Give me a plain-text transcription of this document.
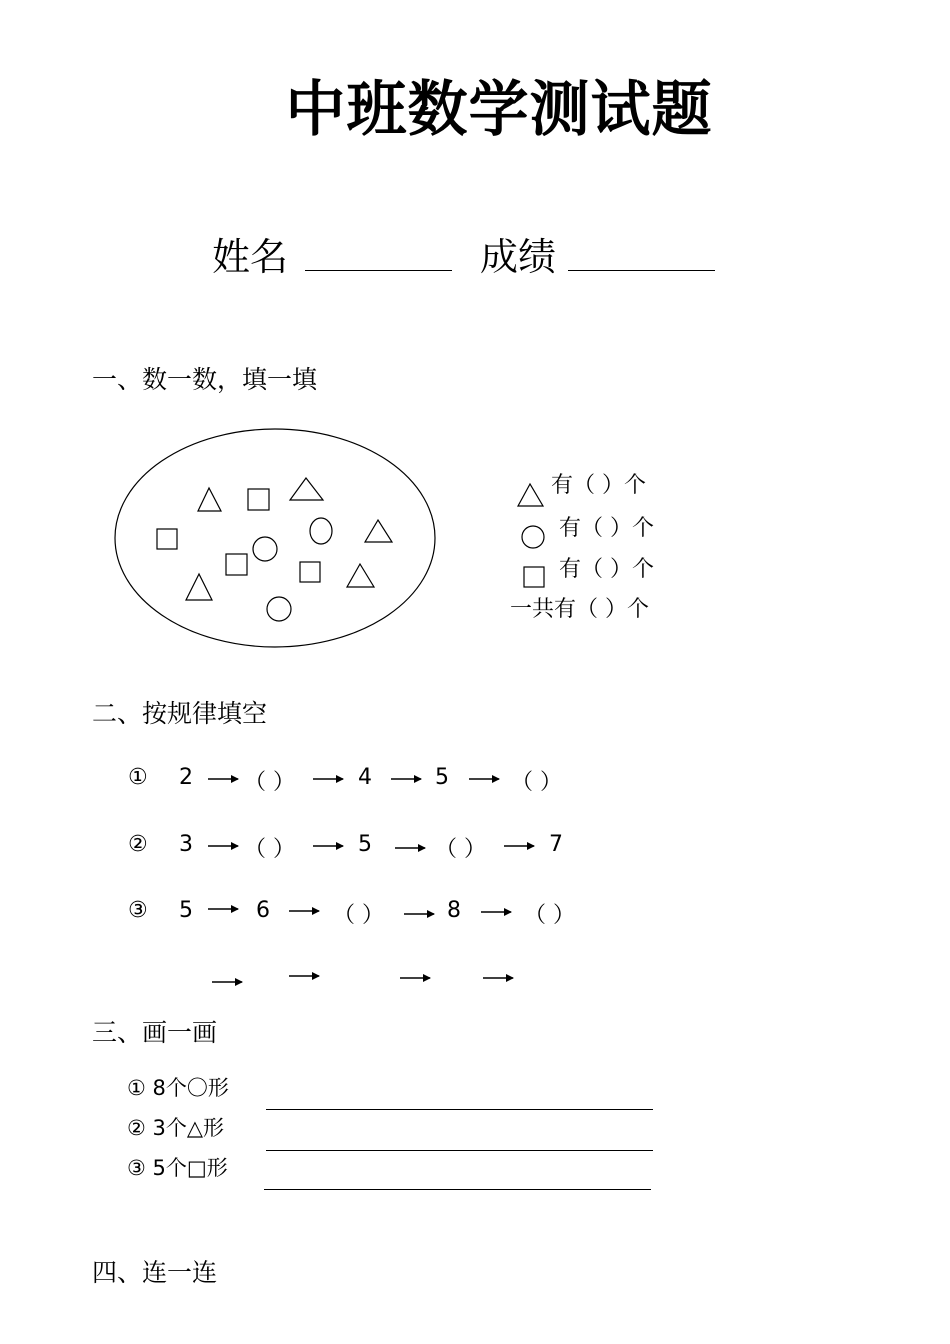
中班数学测试题
姓名	成绩
一、数一数，填一填
有（ ）个
有（ ）个
有（ ）个
一共有（ ）个
二、按规律填空
① 2 （ ）	4	5	（ ）
② 3 （ ）	5	（ ）	7
③ 5	6	（ ）	8	（ ）
三、画一画
① 8个〇形
② 3个△形
③ 5个□形
四、连一连
